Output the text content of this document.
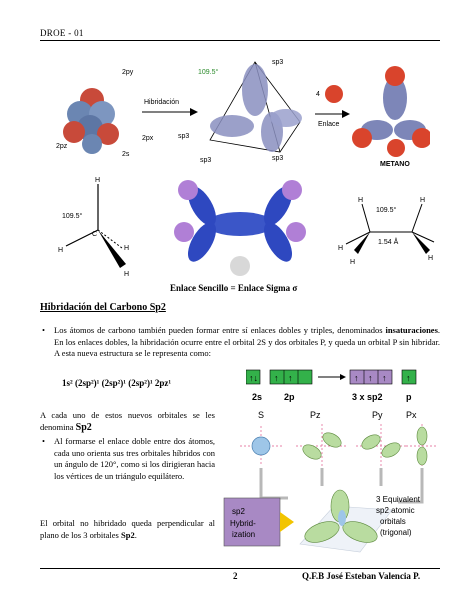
DROE - 01
2py
2pz
2px
2s
Hibridación
109.5°
sp3
sp3
sp3	sp3
4
Enlace
METANO
H
H
C
H
H
109.5°
H
H
H
H
H
109.5°
1.54 Å
Enlace Sencillo = Enlace Sigma σ
Hibridación del Carbono Sp2
• Los átomos de carbono también pueden formar entre sí enlaces dobles y triples, denominados insaturaciones. En los enlaces dobles, la hibridación ocurre entre el orbital 2S y dos orbitales P, y queda un orbital P sin hibridar. A esta nueva estructura se le representa como:
1s² (2sp²)¹ (2sp²)¹ (2sp²)¹ 2pz¹	↑↓ ↑ ↑	↑ ↑ ↑ ↑
2s 2p	3 x sp2	p
A cada uno de estos nuevos orbitales se les denomina Sp2
• Al formarse el enlace doble entre dos átomos, cada uno orienta sus tres orbitales híbridos con un ángulo de 120°, como si los dirigieran hacia los vértices de un triángulo equilátero.
El orbital no hibridado queda perpendicular al plano de los 3 orbitales Sp2.
S	Pz	Py	Px
sp2
Hybrid-
ization
3 Equivalent
sp2 atomic
orbitals
(trigonal)
2	Q.F.B José Esteban Valencia P.
